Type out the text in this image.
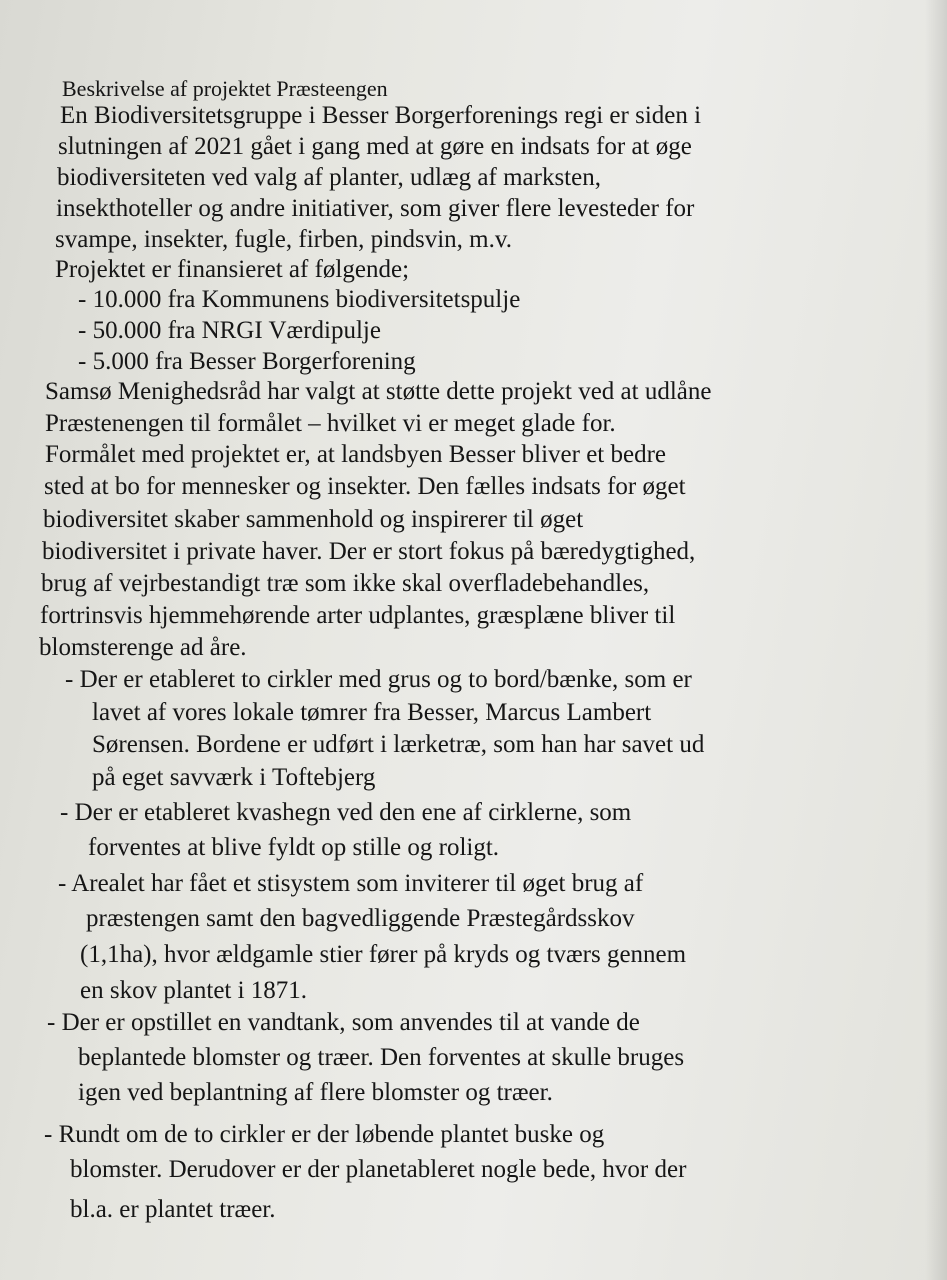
Beskrivelse af projektet Præsteengen
En Biodiversitetsgruppe i Besser Borgerforenings regi er siden i
slutningen af 2021 gået i gang med at gøre en indsats for at øge
biodiversiteten ved valg af planter, udlæg af marksten,
insekthoteller og andre initiativer, som giver flere levesteder for
svampe, insekter, fugle, firben, pindsvin, m.v.
Projektet er finansieret af følgende;
- 10.000 fra Kommunens biodiversitetspulje
- 50.000 fra NRGI Værdipulje
- 5.000 fra Besser Borgerforening
Samsø Menighedsråd har valgt at støtte dette projekt ved at udlåne
Præstenengen til formålet – hvilket vi er meget glade for.
Formålet med projektet er, at landsbyen Besser bliver et bedre
sted at bo for mennesker og insekter. Den fælles indsats for øget
biodiversitet skaber sammenhold og inspirerer til øget
biodiversitet i private haver. Der er stort fokus på bæredygtighed,
brug af vejrbestandigt træ som ikke skal overfladebehandles,
fortrinsvis hjemmehørende arter udplantes, græsplæne bliver til
blomsterenge ad åre.
- Der er etableret to cirkler med grus og to bord/bænke, som er
lavet af vores lokale tømrer fra Besser, Marcus Lambert
Sørensen. Bordene er udført i lærketræ, som han har savet ud
på eget savværk i Toftebjerg
- Der er etableret kvashegn ved den ene af cirklerne, som
forventes at blive fyldt op stille og roligt.
- Arealet har fået et stisystem som inviterer til øget brug af
præstengen samt den bagvedliggende Præstegårdsskov
(1,1ha), hvor ældgamle stier fører på kryds og tværs gennem
en skov plantet i 1871.
- Der er opstillet en vandtank, som anvendes til at vande de
beplantede blomster og træer. Den forventes at skulle bruges
igen ved beplantning af flere blomster og træer.
- Rundt om de to cirkler er der løbende plantet buske og
blomster. Derudover er der planetableret nogle bede, hvor der
bl.a. er plantet træer.
